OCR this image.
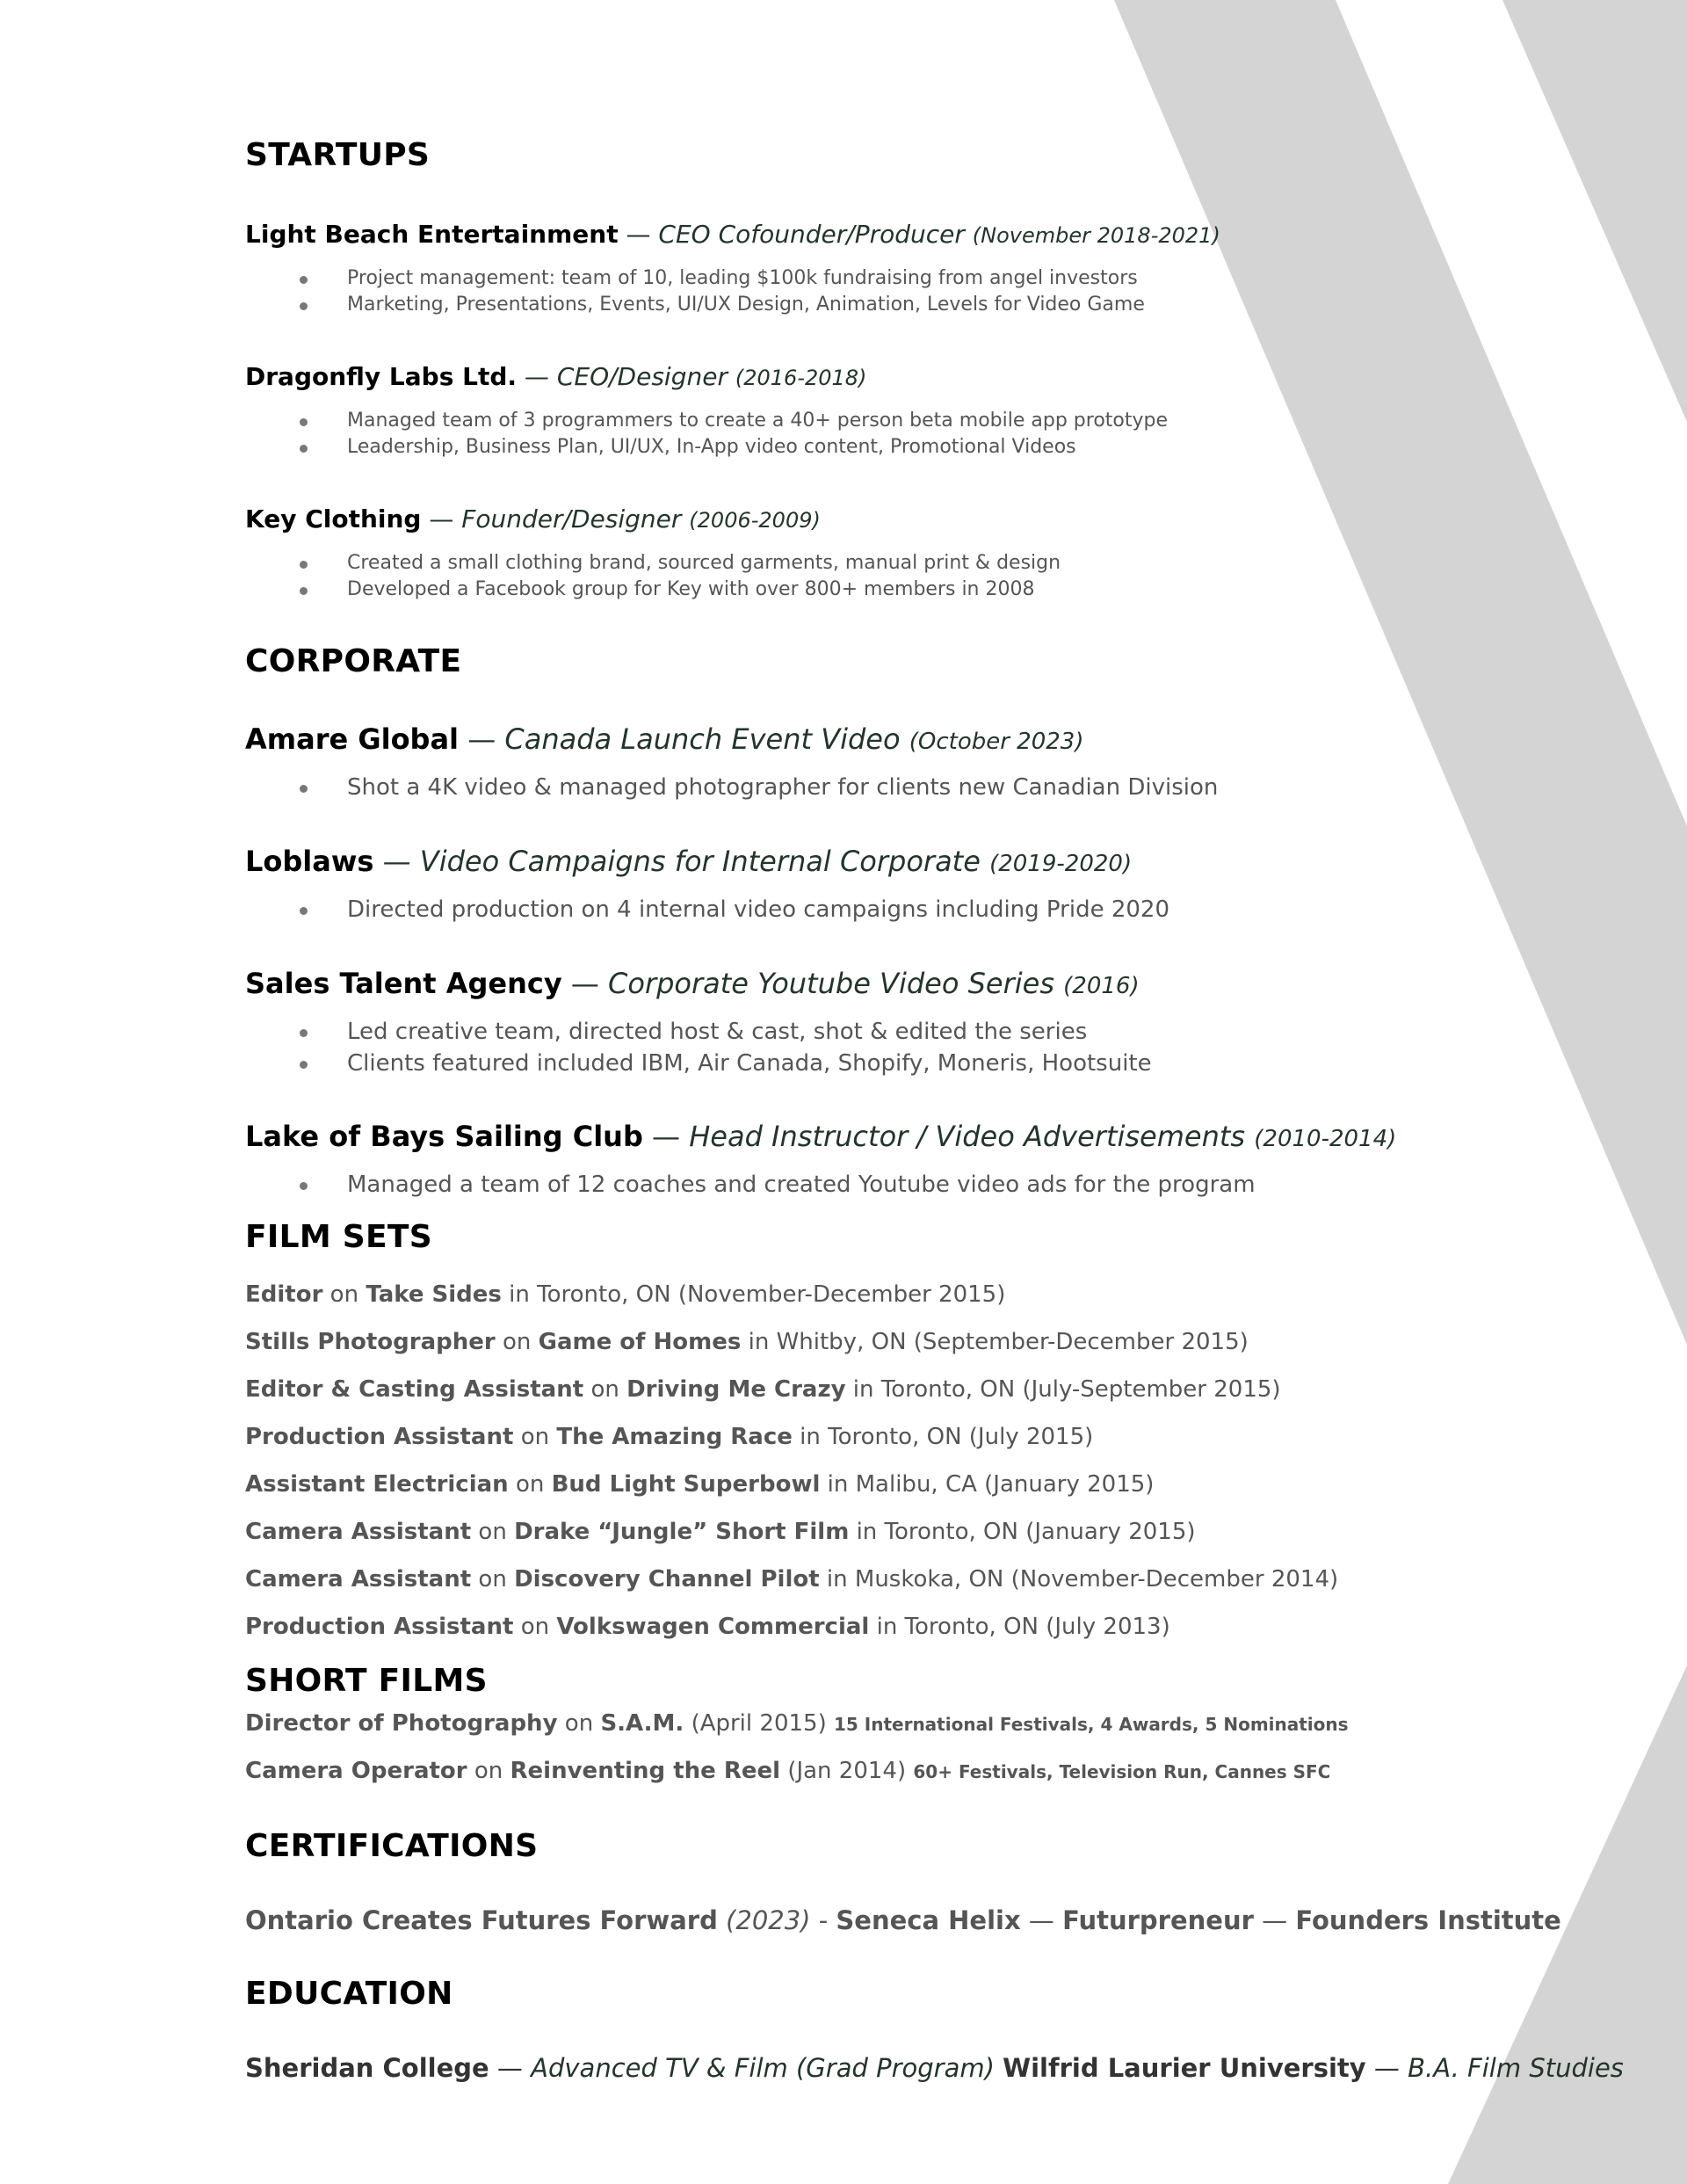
STARTUPS
Light Beach Entertainment — CEO Cofounder/Producer (November 2018-2021)
Project management: team of 10, leading $100k fundraising from angel investors
Marketing, Presentations, Events, UI/UX Design, Animation, Levels for Video Game
Dragonfly Labs Ltd. — CEO/Designer (2016-2018)
Managed team of 3 programmers to create a 40+ person beta mobile app prototype
Leadership, Business Plan, UI/UX, In-App video content, Promotional Videos
Key Clothing — Founder/Designer (2006-2009)
Created a small clothing brand, sourced garments, manual print & design
Developed a Facebook group for Key with over 800+ members in 2008
CORPORATE
Amare Global — Canada Launch Event Video (October 2023)
Shot a 4K video & managed photographer for clients new Canadian Division
Loblaws — Video Campaigns for Internal Corporate (2019-2020)
Directed production on 4 internal video campaigns including Pride 2020
Sales Talent Agency — Corporate Youtube Video Series (2016)
Led creative team, directed host & cast, shot & edited the series
Clients featured included IBM, Air Canada, Shopify, Moneris, Hootsuite
Lake of Bays Sailing Club — Head Instructor / Video Advertisements (2010-2014)
Managed a team of 12 coaches and created Youtube video ads for the program
FILM SETS
Editor on Take Sides in Toronto, ON (November-December 2015)
Stills Photographer on Game of Homes in Whitby, ON (September-December 2015)
Editor & Casting Assistant on Driving Me Crazy in Toronto, ON (July-September 2015)
Production Assistant on The Amazing Race in Toronto, ON (July 2015)
Assistant Electrician on Bud Light Superbowl in Malibu, CA (January 2015)
Camera Assistant on Drake “Jungle” Short Film in Toronto, ON (January 2015)
Camera Assistant on Discovery Channel Pilot in Muskoka, ON (November-December 2014)
Production Assistant on Volkswagen Commercial in Toronto, ON (July 2013)
SHORT FILMS
Director of Photography on S.A.M. (April 2015) 15 International Festivals, 4 Awards, 5 Nominations
Camera Operator on Reinventing the Reel (Jan 2014) 60+ Festivals, Television Run, Cannes SFC
CERTIFICATIONS
Ontario Creates Futures Forward (2023) - Seneca Helix — Futurpreneur — Founders Institute
EDUCATION
Sheridan College — Advanced TV & Film (Grad Program) Wilfrid Laurier University — B.A. Film Studies
